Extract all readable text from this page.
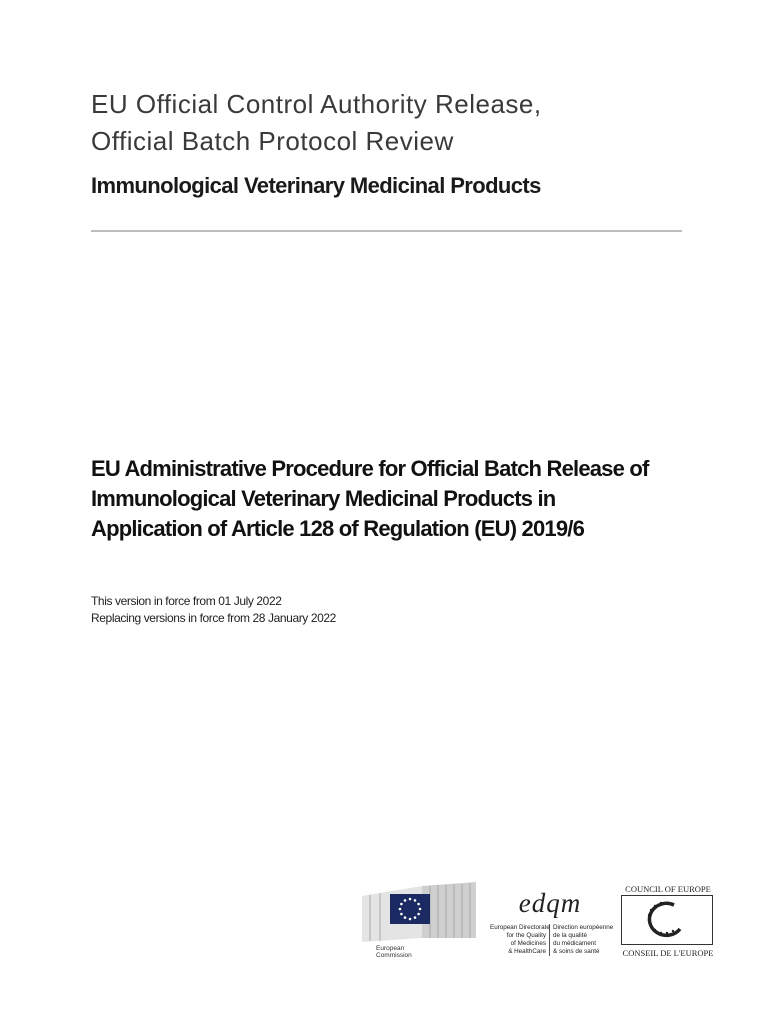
EU Official Control Authority Release,
Official Batch Protocol Review
Immunological Veterinary Medicinal Products
EU Administrative Procedure for Official Batch Release of
Immunological Veterinary Medicinal Products in
Application of Article 128 of Regulation (EU) 2019/6
This version in force from 01 July 2022
Replacing versions in force from 28 January 2022
European
Commission
edqm
European Directorate
for the Quality
of Medicines
& HealthCare
Direction européenne
de la qualité
du médicament
& soins de santé
COUNCIL OF EUROPE
CONSEIL DE L'EUROPE
